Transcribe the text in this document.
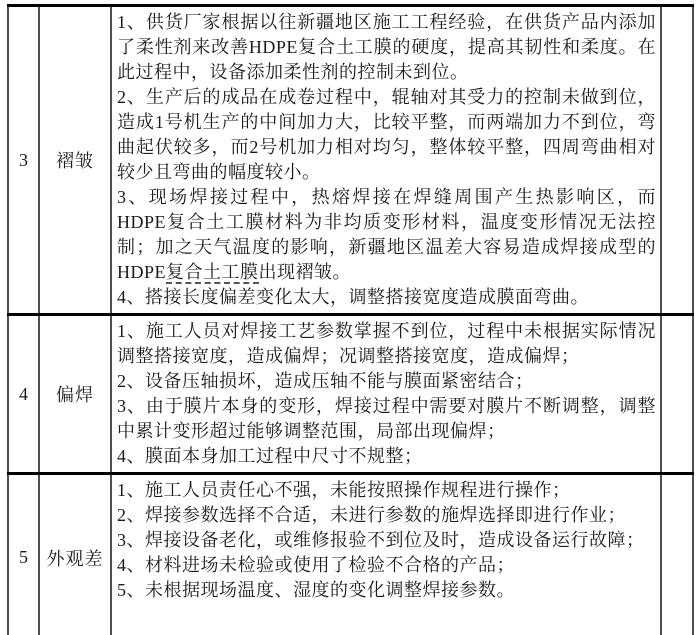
3	褶皱	1、供货厂家根据以往新疆地区施工工程经验，在供货产品内添加了柔性剂来改善HDPE复合土工膜的硬度，提高其韧性和柔度。在此过程中，设备添加柔性剂的控制未到位。
2、生产后的成品在成卷过程中，辊轴对其受力的控制未做到位，造成1号机生产的中间加力大，比较平整，而两端加力不到位，弯曲起伏较多，而2号机加力相对均匀，整体较平整，四周弯曲相对较少且弯曲的幅度较小。
3、现场焊接过程中，热熔焊接在焊缝周围产生热影响区，而HDPE复合土工膜材料为非均质变形材料，温度变形情况无法控制；加之天气温度的影响，新疆地区温差大容易造成焊接成型的HDPE复合土工膜出现褶皱。
4、搭接长度偏差变化太大，调整搭接宽度造成膜面弯曲。	

4	偏焊	1、施工人员对焊接工艺参数掌握不到位，过程中未根据实际情况调整搭接宽度，造成偏焊；况调整搭接宽度，造成偏焊；
2、设备压轴损坏，造成压轴不能与膜面紧密结合；
3、由于膜片本身的变形，焊接过程中需要对膜片不断调整，调整中累计变形超过能够调整范围，局部出现偏焊；
4、膜面本身加工过程中尺寸不规整；	

5	外观差	1、施工人员责任心不强，未能按照操作规程进行操作；
2、焊接参数选择不合适，未进行参数的施焊选择即进行作业；
3、焊接设备老化，或维修报验不到位及时，造成设备运行故障；
4、材料进场未检验或使用了检验不合格的产品；
5、未根据现场温度、湿度的变化调整焊接参数。	
